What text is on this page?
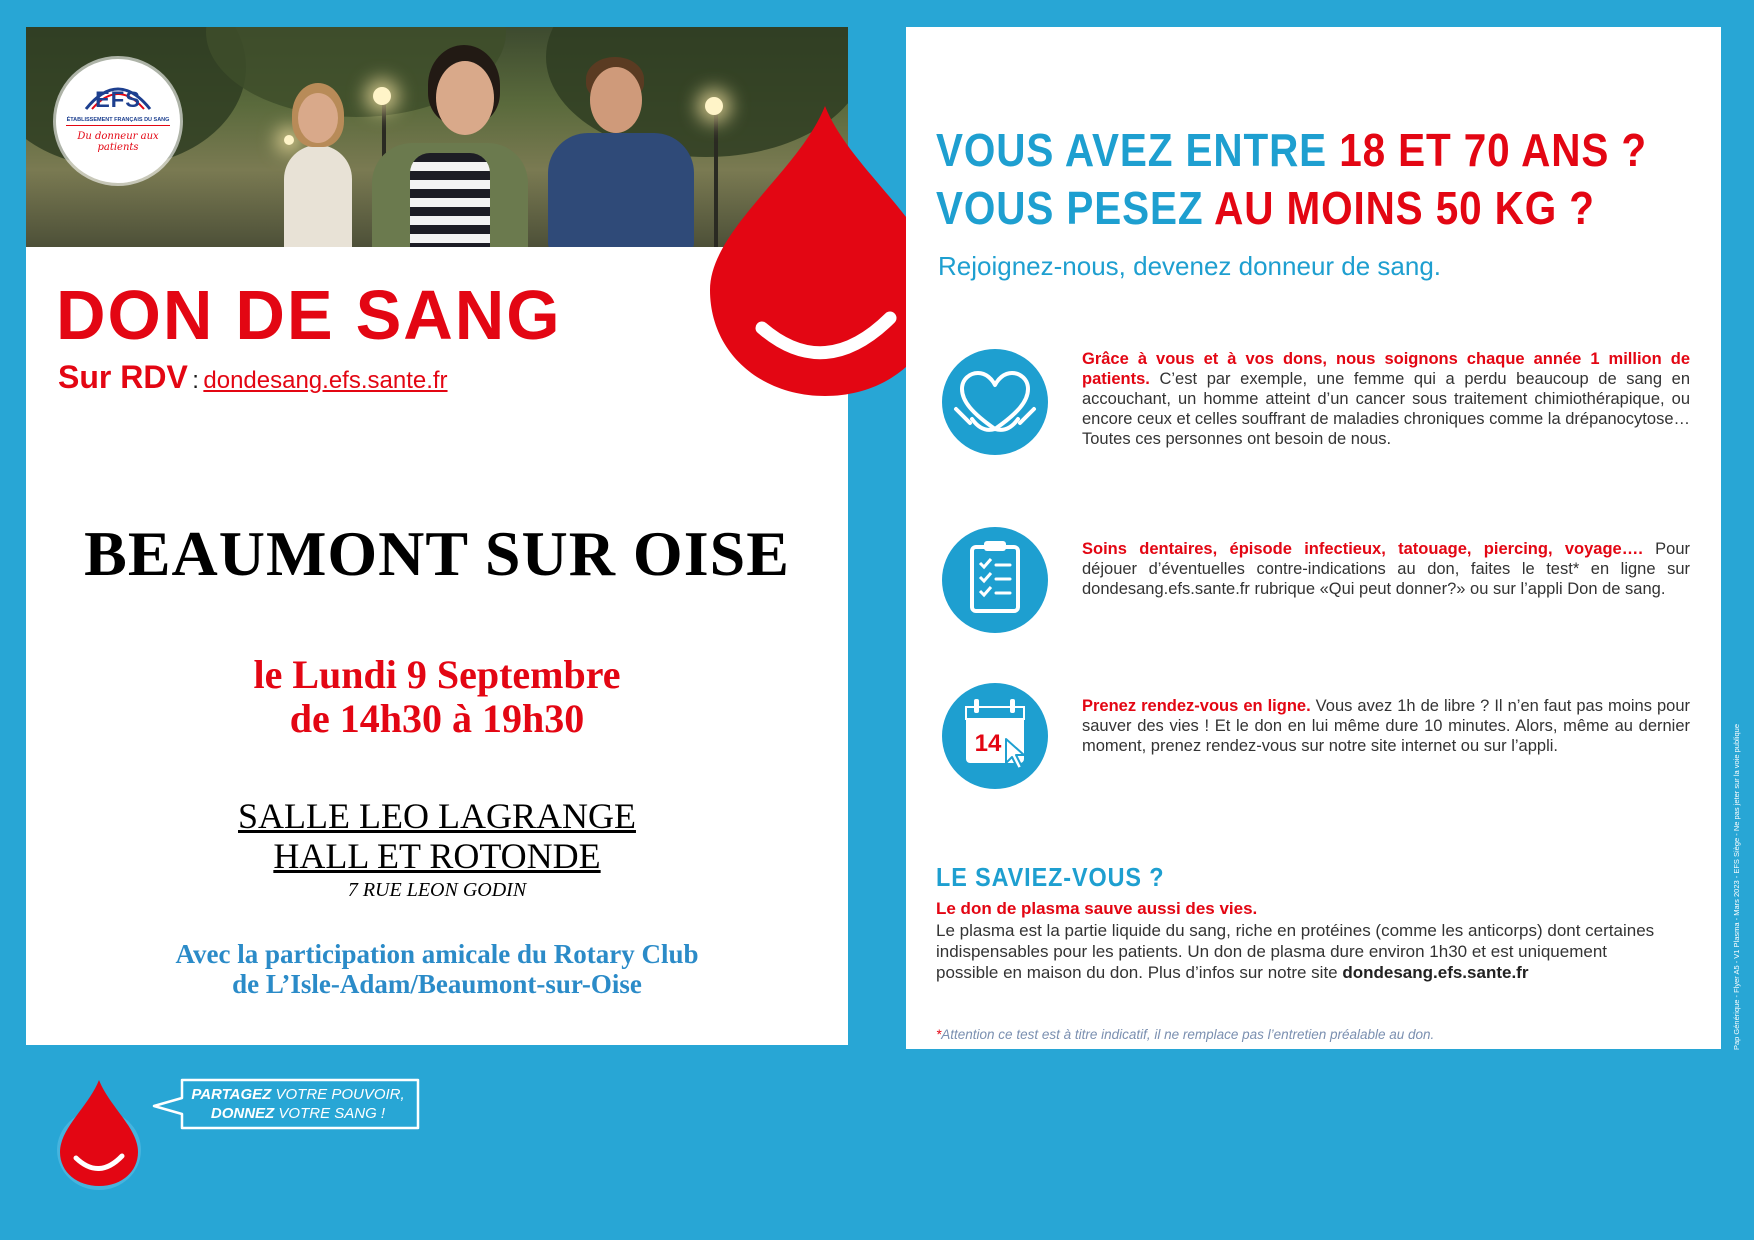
EFS
ÉTABLISSEMENT FRANÇAIS DU SANG
Du donneur aux patients
DON DE SANG
Sur RDV : dondesang.efs.sante.fr
BEAUMONT SUR OISE
le Lundi 9 Septembre
de 14h30 à 19h30
SALLE LEO LAGRANGE
HALL ET ROTONDE
7 RUE LEON GODIN
Avec la participation amicale du Rotary Club
de L’Isle-Adam/Beaumont-sur-Oise
PARTAGEZ VOTRE POUVOIR,
DONNEZ VOTRE SANG !
VOUS AVEZ ENTRE 18 ET 70 ANS ?
VOUS PESEZ AU MOINS 50 KG ?
Rejoignez-nous, devenez donneur de sang.
Grâce à vous et à vos dons, nous soignons chaque année 1 million de patients. C’est par exemple, une femme qui a perdu beaucoup de sang en accouchant, un homme atteint d’un cancer sous traitement chimiothérapique, ou encore ceux et celles souffrant de maladies chroniques comme la drépanocytose… Toutes ces personnes ont besoin de nous.
Soins dentaires, épisode infectieux, tatouage, piercing, voyage…. Pour déjouer d’éventuelles contre-indications au don, faites le test* en ligne sur dondesang.efs.sante.fr rubrique «Qui peut donner?» ou sur l’appli Don de sang.
14
Prenez rendez-vous en ligne. Vous avez 1h de libre ? Il n’en faut pas moins pour sauver des vies ! Et le don en lui même dure 10 minutes. Alors, même au dernier moment, prenez rendez-vous sur notre site internet ou sur l’appli.
LE SAVIEZ-VOUS ?
Le don de plasma sauve aussi des vies.
Le plasma est la partie liquide du sang, riche en protéines (comme les anticorps) dont certaines indispensables pour les patients. Un don de plasma dure environ 1h30 et est uniquement possible en maison du don. Plus d’infos sur notre site dondesang.efs.sante.fr
*Attention ce test est à titre indicatif, il ne remplace pas l’entretien préalable au don.	Pap Générique - Flyer A5 - V1 Plasma - Mars 2023 - EFS Siège - Ne pas jeter sur la voie publique
